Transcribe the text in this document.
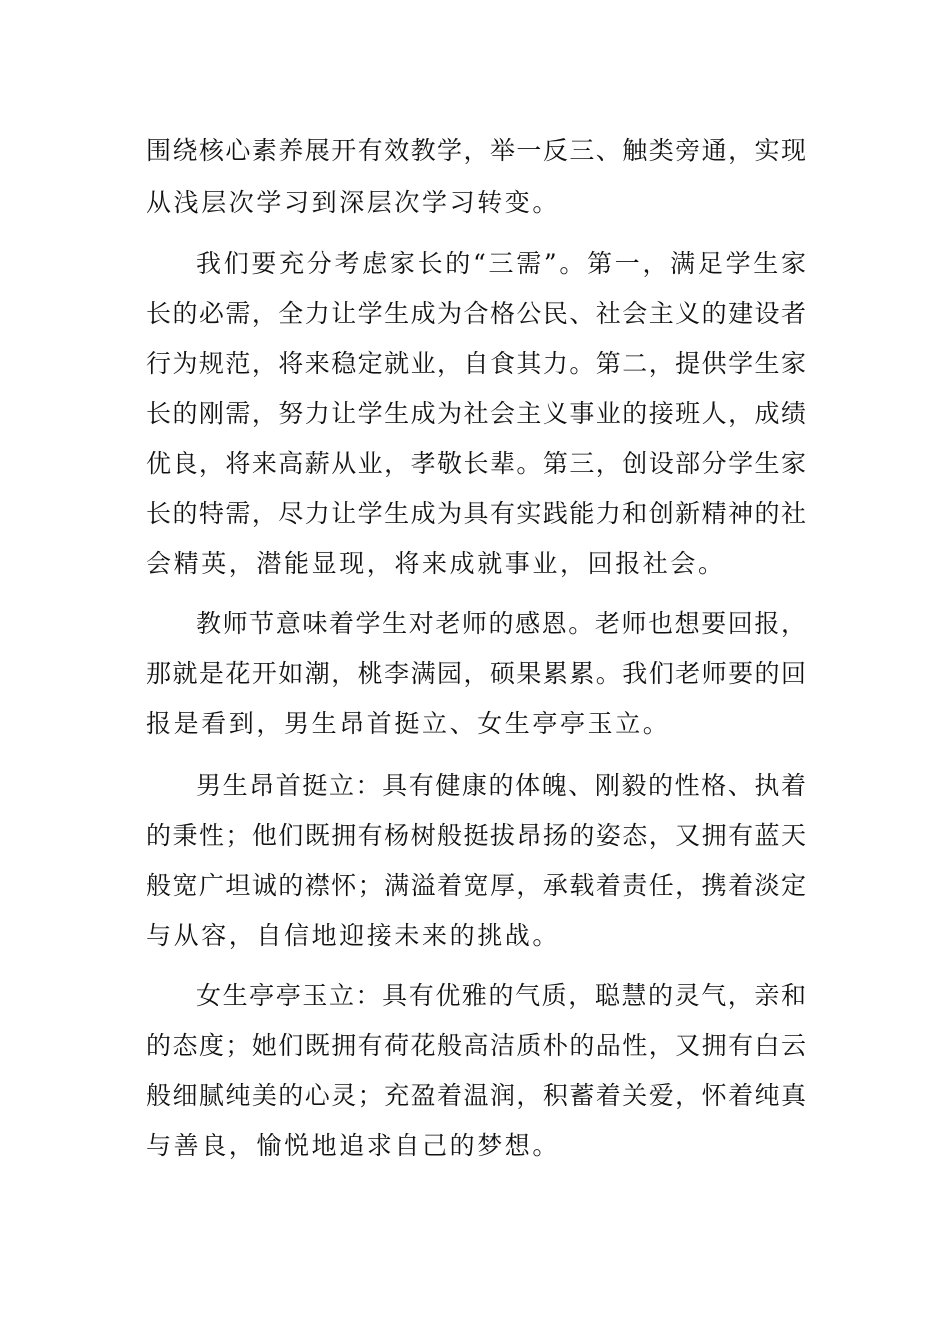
围绕核心素养展开有效教学，举一反三、触类旁通，实现
从浅层次学习到深层次学习转变。
我们要充分考虑家长的“三需”。第一，满足学生家
长的必需，全力让学生成为合格公民、社会主义的建设者
行为规范，将来稳定就业，自食其力。第二，提供学生家
长的刚需，努力让学生成为社会主义事业的接班人，成绩
优良，将来高薪从业，孝敬长辈。第三，创设部分学生家
长的特需，尽力让学生成为具有实践能力和创新精神的社
会精英，潜能显现，将来成就事业，回报社会。
教师节意味着学生对老师的感恩。老师也想要回报，
那就是花开如潮，桃李满园，硕果累累。我们老师要的回
报是看到，男生昂首挺立、女生亭亭玉立。
男生昂首挺立：具有健康的体魄、刚毅的性格、执着
的秉性；他们既拥有杨树般挺拔昂扬的姿态，又拥有蓝天
般宽广坦诚的襟怀；满溢着宽厚，承载着责任，携着淡定
与从容，自信地迎接未来的挑战。
女生亭亭玉立：具有优雅的气质，聪慧的灵气，亲和
的态度；她们既拥有荷花般高洁质朴的品性，又拥有白云
般细腻纯美的心灵；充盈着温润，积蓄着关爱，怀着纯真
与善良，愉悦地追求自己的梦想。
